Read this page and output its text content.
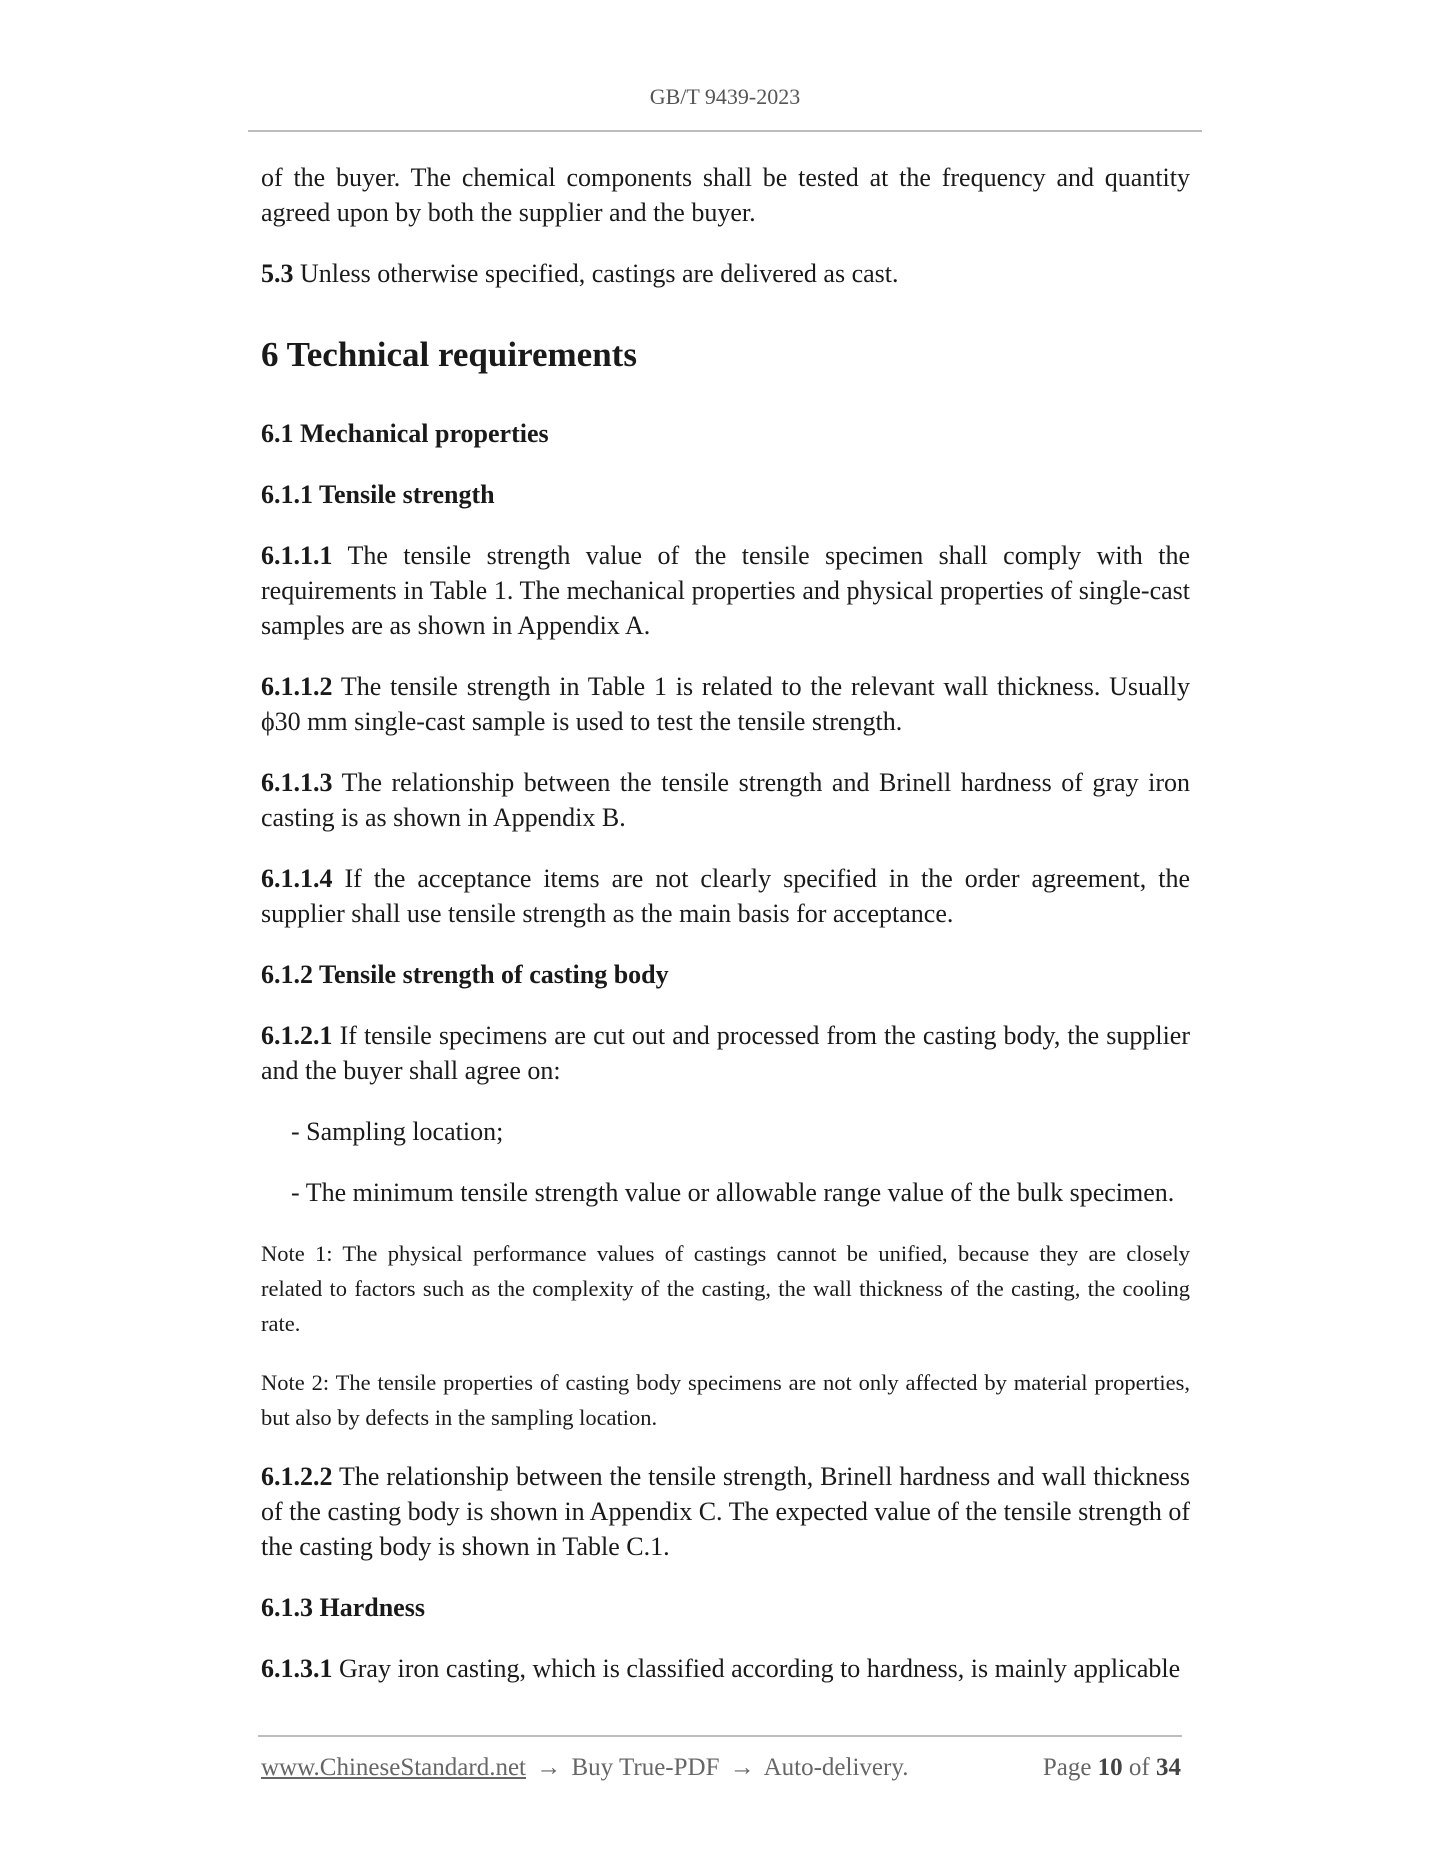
GB/T 9439-2023

of the buyer. The chemical components shall be tested at the frequency and quantity agreed upon by both the supplier and the buyer.

5.3 Unless otherwise specified, castings are delivered as cast.

6 Technical requirements

6.1 Mechanical properties

6.1.1 Tensile strength

6.1.1.1 The tensile strength value of the tensile specimen shall comply with the requirements in Table 1. The mechanical properties and physical properties of single-cast samples are as shown in Appendix A.

6.1.1.2 The tensile strength in Table 1 is related to the relevant wall thickness. Usually ϕ30 mm single-cast sample is used to test the tensile strength.

6.1.1.3 The relationship between the tensile strength and Brinell hardness of gray iron casting is as shown in Appendix B.

6.1.1.4 If the acceptance items are not clearly specified in the order agreement, the supplier shall use tensile strength as the main basis for acceptance.

6.1.2 Tensile strength of casting body

6.1.2.1 If tensile specimens are cut out and processed from the casting body, the supplier and the buyer shall agree on:

- Sampling location;

- The minimum tensile strength value or allowable range value of the bulk specimen.

Note 1: The physical performance values of castings cannot be unified, because they are closely related to factors such as the complexity of the casting, the wall thickness of the casting, the cooling rate.

Note 2: The tensile properties of casting body specimens are not only affected by material properties, but also by defects in the sampling location.

6.1.2.2 The relationship between the tensile strength, Brinell hardness and wall thickness of the casting body is shown in Appendix C. The expected value of the tensile strength of the casting body is shown in Table C.1.

6.1.3 Hardness

6.1.3.1 Gray iron casting, which is classified according to hardness, is mainly applicable

www.ChineseStandard.net → Buy True-PDF → Auto-delivery.	Page 10 of 34
